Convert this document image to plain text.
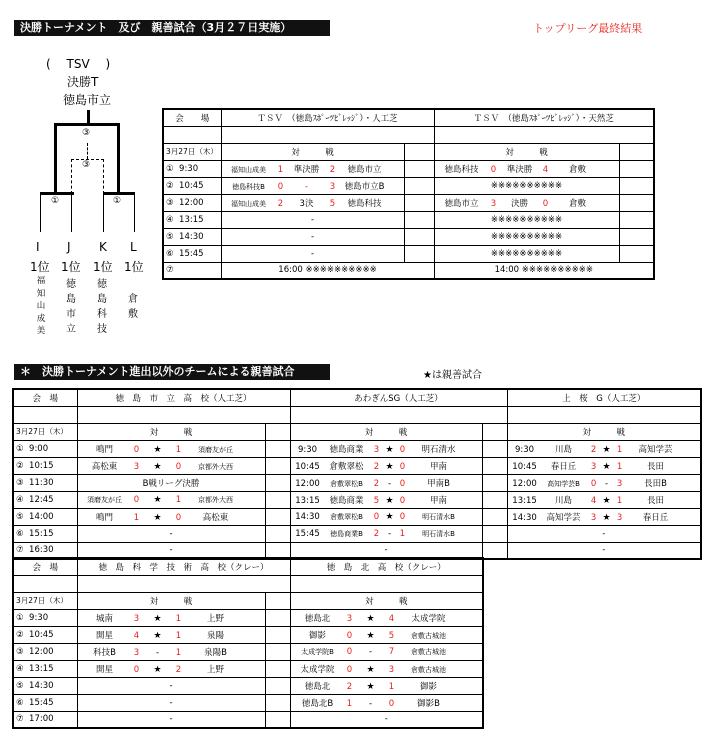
決勝トーナメント　及び　親善試合（3月２７日実施）	トップリーグ最終結果
(　 TSV　 )
決勝T
徳島市立
③
③
①	①
I J K L
1位 1位 1位 1位
福
知
山
成
美
徳
島
市
立
徳
島
科
技
倉
敷
会　　場	ＴＳＶ　（徳島ｽﾎﾟｰﾂﾋﾞﾚｯｼﾞ）・人工芝		ＴＳＶ　（徳島ｽﾎﾟｰﾂﾋﾞﾚｯｼﾞ）・天然芝	

3月27日（木）	対　　　戦		対　　　戦	
① 9:30	福知山成美 1 準決勝 2 徳島市立		徳島科技 0 準決勝 4 倉敷	
② 10:45	徳島科技B 0 - 3 徳島市立B		※※※※※※※※※※	
③ 12:00	福知山成美 2 3決 5 徳島科技		徳島市立 3 決勝 0 倉敷	
④ 13:15	-		※※※※※※※※※※	
⑤ 14:30	-		※※※※※※※※※※	
⑥ 15:45	-		※※※※※※※※※※	
⑦	16:00 ※※※※※※※※※※		14:00 ※※※※※※※※※※	
＊　決勝トーナメント進出以外のチームによる親善試合	★は親善試合
会　場	徳　島　市　立　高　校（人工芝）		あわぎんSG（人工芝）		上　桜　G（人工芝）

3月27日（木）	対　　　戦		対　　　戦		対　　　戦
① 9:00	鳴門 0 ★ 1 須磨友が丘		9:30 徳島商業 3 ★ 0 明石清水		9:30 川島 2 ★ 1 高知学芸
② 10:15	高松東 3 ★ 0 京都外大西		10:45 倉敷翠松 2 ★ 0 甲南		10:45 春日丘 3 ★ 1 長田
③ 11:30	B戦リーグ決勝		12:00 倉敷翠松B 2 - 0 甲南B		12:00 高知学芸B 0 - 3 長田B
④ 12:45	須磨友が丘 0 ★ 1 京都外大西		13:15 徳島商業 5 ★ 0 甲南		13:15 川島 4 ★ 1 長田
⑤ 14:00	鳴門 1 ★ 0 高松東		14:30 倉敷翠松B 0 ★ 0 明石清水B		14:30 高知学芸 3 ★ 3 春日丘
⑥ 15:15	-		15:45 徳島商業B 2 - 1 明石清水B		-
⑦ 16:30	-		-		-
会　場	徳　島　科　学　技　術　高　校（クレー）		徳　島　北　高　校（クレー）

3月27日（木）	対　　　戦		対　　　戦
① 9:30	城南 3 ★ 1 上野		徳島北 3 ★ 4 太成学院
② 10:45	開星 4 ★ 1 泉陽		御影 0 ★ 5 倉敷古城池
③ 12:00	科技B 3 - 1 泉陽B		太成学院B 0 - 7 倉敷古城池
④ 13:15	開星 0 ★ 2 上野		太成学院 0 ★ 3 倉敷古城池
⑤ 14:30	-		徳島北 2 ★ 1 御影
⑥ 15:45	-		徳島北B 1 - 0 御影B
⑦ 17:00	-		-
